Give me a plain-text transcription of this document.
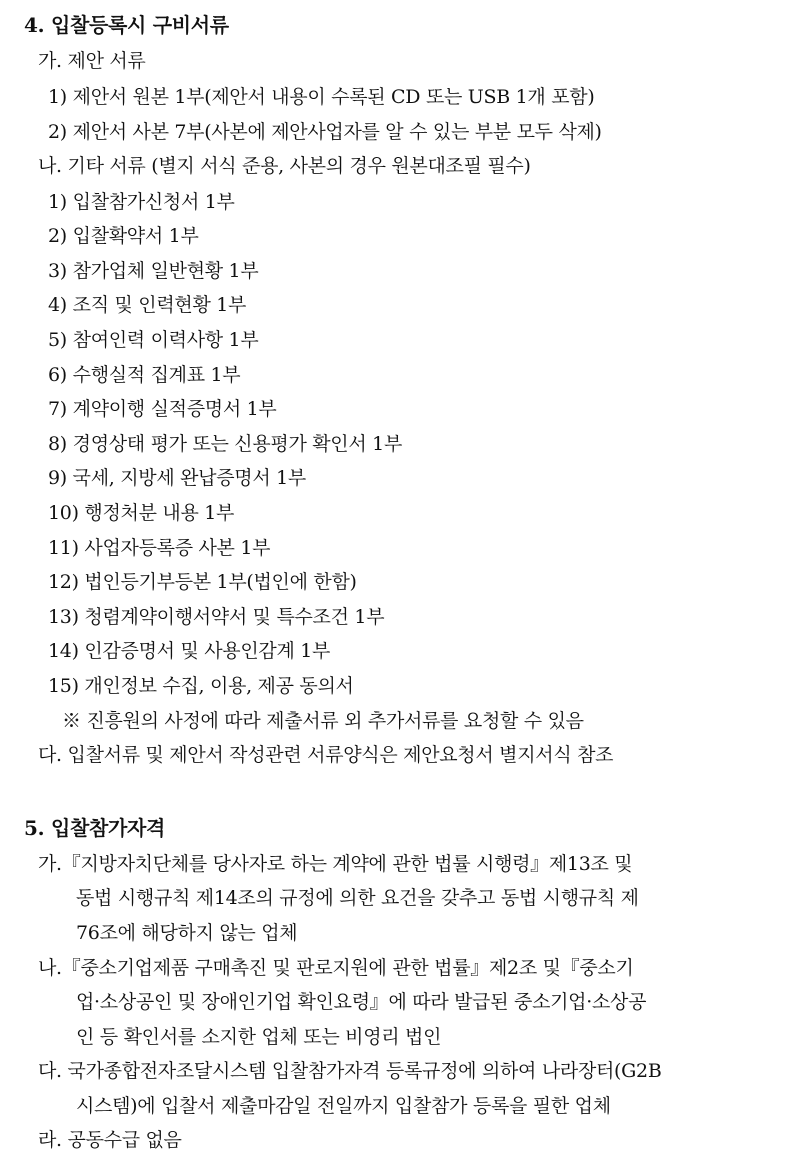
4. 입찰등록시 구비서류
가. 제안 서류
1) 제안서 원본 1부(제안서 내용이 수록된 CD 또는 USB 1개 포함)
2) 제안서 사본 7부(사본에 제안사업자를 알 수 있는 부분 모두 삭제)
나. 기타 서류 (별지 서식 준용, 사본의 경우 원본대조필 필수)
1) 입찰참가신청서 1부
2) 입찰확약서 1부
3) 참가업체 일반현황 1부
4) 조직 및 인력현황 1부
5) 참여인력 이력사항 1부
6) 수행실적 집계표 1부
7) 계약이행 실적증명서 1부
8) 경영상태 평가 또는 신용평가 확인서 1부
9) 국세, 지방세 완납증명서 1부
10) 행정처분 내용 1부
11) 사업자등록증 사본 1부
12) 법인등기부등본 1부(법인에 한함)
13) 청렴계약이행서약서 및 특수조건 1부
14) 인감증명서 및 사용인감계 1부
15) 개인정보 수집, 이용, 제공 동의서
※ 진흥원의 사정에 따라 제출서류 외 추가서류를 요청할 수 있음
다. 입찰서류 및 제안서 작성관련 서류양식은 제안요청서 별지서식 참조
5. 입찰참가자격
가.『지방자치단체를 당사자로 하는 계약에 관한 법률 시행령』제13조 및
동법 시행규칙 제14조의 규정에 의한 요건을 갖추고 동법 시행규칙 제
76조에 해당하지 않는 업체
나.『중소기업제품 구매촉진 및 판로지원에 관한 법률』제2조 및『중소기
업·소상공인 및 장애인기업 확인요령』에 따라 발급된 중소기업·소상공
인 등 확인서를 소지한 업체 또는 비영리 법인
다. 국가종합전자조달시스템 입찰참가자격 등록규정에 의하여 나라장터(G2B
시스템)에 입찰서 제출마감일 전일까지 입찰참가 등록을 필한 업체
라. 공동수급 없음
